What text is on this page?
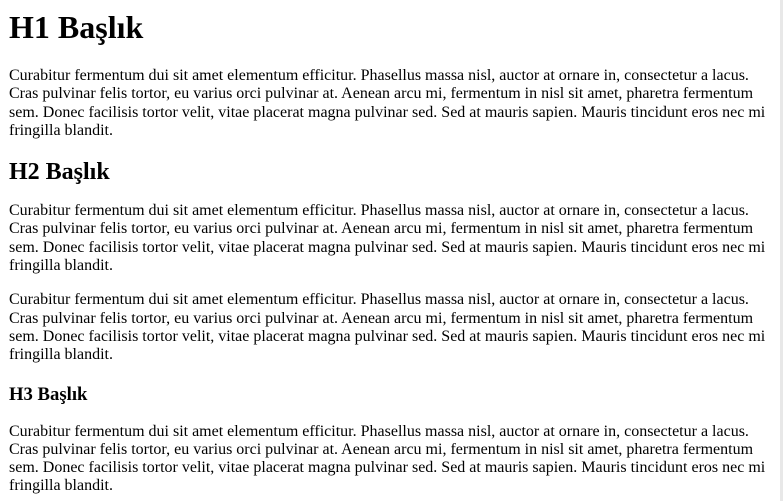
H1 Başlık

Curabitur fermentum dui sit amet elementum efficitur. Phasellus massa nisl, auctor at ornare in, consectetur a lacus. Cras pulvinar felis tortor, eu varius orci pulvinar at. Aenean arcu mi, fermentum in nisl sit amet, pharetra fermentum sem. Donec facilisis tortor velit, vitae placerat magna pulvinar sed. Sed at mauris sapien. Mauris tincidunt eros nec mi fringilla blandit.

H2 Başlık

Curabitur fermentum dui sit amet elementum efficitur. Phasellus massa nisl, auctor at ornare in, consectetur a lacus. Cras pulvinar felis tortor, eu varius orci pulvinar at. Aenean arcu mi, fermentum in nisl sit amet, pharetra fermentum sem. Donec facilisis tortor velit, vitae placerat magna pulvinar sed. Sed at mauris sapien. Mauris tincidunt eros nec mi fringilla blandit.

Curabitur fermentum dui sit amet elementum efficitur. Phasellus massa nisl, auctor at ornare in, consectetur a lacus. Cras pulvinar felis tortor, eu varius orci pulvinar at. Aenean arcu mi, fermentum in nisl sit amet, pharetra fermentum sem. Donec facilisis tortor velit, vitae placerat magna pulvinar sed. Sed at mauris sapien. Mauris tincidunt eros nec mi fringilla blandit.

H3 Başlık

Curabitur fermentum dui sit amet elementum efficitur. Phasellus massa nisl, auctor at ornare in, consectetur a lacus. Cras pulvinar felis tortor, eu varius orci pulvinar at. Aenean arcu mi, fermentum in nisl sit amet, pharetra fermentum sem. Donec facilisis tortor velit, vitae placerat magna pulvinar sed. Sed at mauris sapien. Mauris tincidunt eros nec mi fringilla blandit.
